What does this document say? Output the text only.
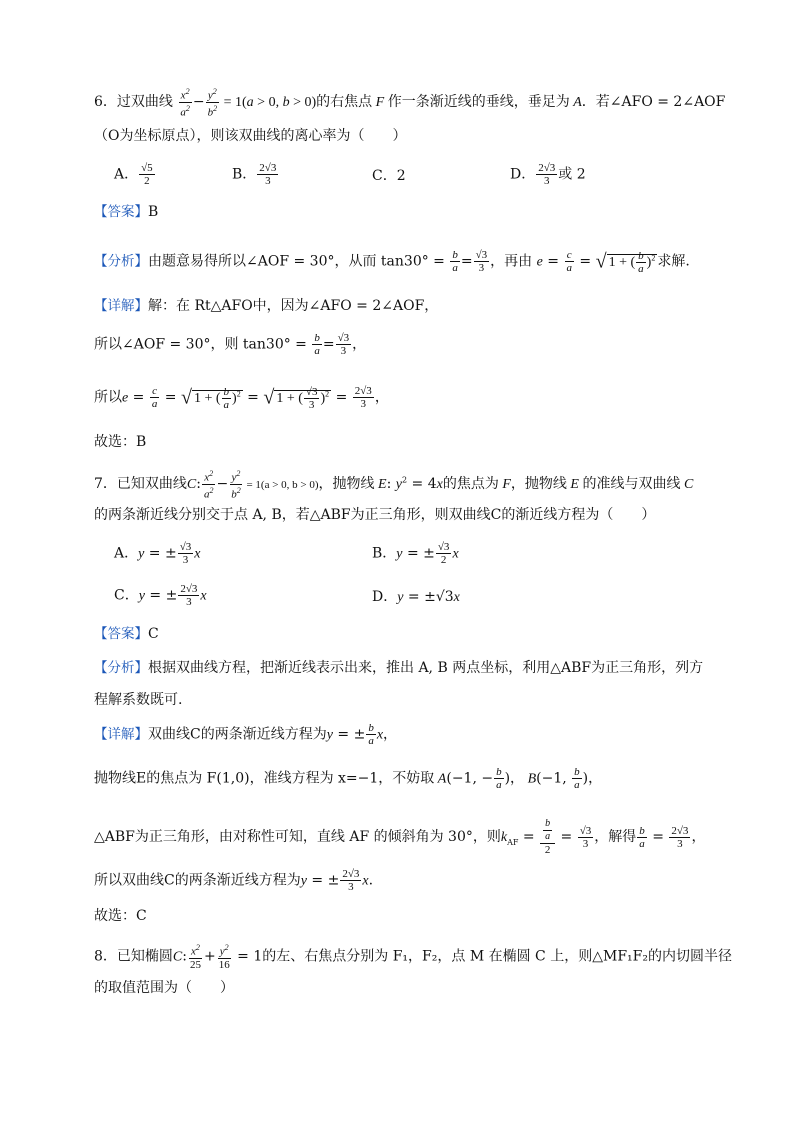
6．过双曲线 $\frac{x^2}{a^2} - \frac{y^2}{b^2} = 1(a > 0$, b > 0)的右焦点 F 作一条渐近线的垂线，垂足为 A．若∠AFO = 2∠AOF
（O为坐标原点），则该双曲线的离心率为（　　）
A． $\frac{√5}{2}$	B． $\frac{2√3}{3}$	C．2	D． $\frac{2√3}{3}$ 或 2
【答案】B
【分析】由题意易得所以∠AOF = 30°，从而 $\tan 30^\circ = \frac{b}{a} = \frac{√3}{3}$ ，再由 $e = \frac{c}{a}$ = √ 1 + ( $\frac{b}{a} )^2$ 求解.
【详解】解：在 Rt△AFO中，因为∠AFO = 2∠AOF，
所以∠AOF = 30°，则 $\tan 30^\circ = \frac{b}{a} = \frac{√3}{3}$ ，
所以$e = \frac{c}{a}$ = √ 1 + ( $\frac{b}{a} )^2$ = √ 1 + ( $\frac{√3}{3} )^2 = \frac{2√3}{3}$ ，
故选：B
7．已知双曲线C: $\frac{x^2}{a^2} - \frac{y^2}{b^2} = 1(a > 0$, b > 0)，抛物线 E: $y^2 = 4x$的焦点为 F，抛物线 E 的准线与双曲线 C
的两条渐近线分别交于点 A, B，若△ABF为正三角形，则双曲线C的渐近线方程为（　　）
A．y = ± $\frac{√3}{3}$ x	B．y = ± $\frac{√3}{2}$ x
C．y = ± $\frac{2√3}{3}$ x	D．y = ±√3x
【答案】C
【分析】根据双曲线方程，把渐近线表示出来，推出 A, B 两点坐标，利用△ABF为正三角形，列方
程解系数既可.
【详解】双曲线C的两条渐近线方程为y = ± $\frac{b}{a}$ x，
抛物线E的焦点为 F(1,0)，准线方程为 x=−1，不妨取 A(−1, − $\frac{b}{a}$ )， B(−1, $\frac{b}{a}$ )，
△ABF为正三角形，由对称性可知，直线 AF 的倾斜角为 30°，则$k_{AF} = \frac{\frac{b}{a}}{2} = \frac{√3}{3}$ ，解得 $\frac{b}{a} = \frac{2√3}{3}$ ，
所以双曲线C的两条渐近线方程为y = ± $\frac{2√3}{3} x$.
故选：C
8．已知椭圆C: $\frac{x^2}{25} + \frac{y^2}{16} = 1$的左、右焦点分别为 F₁，F₂，点 M 在椭圆 C 上，则△MF₁F₂的内切圆半径
的取值范围为（　　）
